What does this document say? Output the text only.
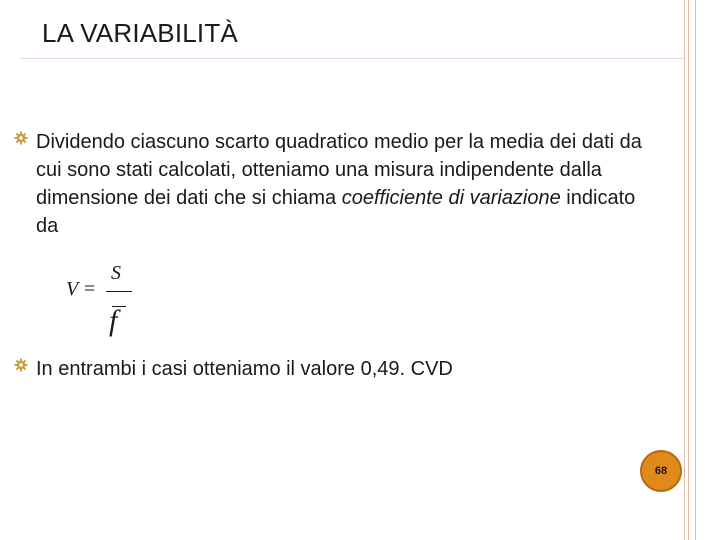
LA VARIABILITÀ
Dividendo ciascuno scarto quadratico medio per la media dei dati da cui sono stati calcolati, otteniamo una misura indipendente dalla dimensione dei dati che si chiama coefficiente di variazione indicato da
V =
S
f
In entrambi i casi otteniamo il valore 0,49. CVD
68
